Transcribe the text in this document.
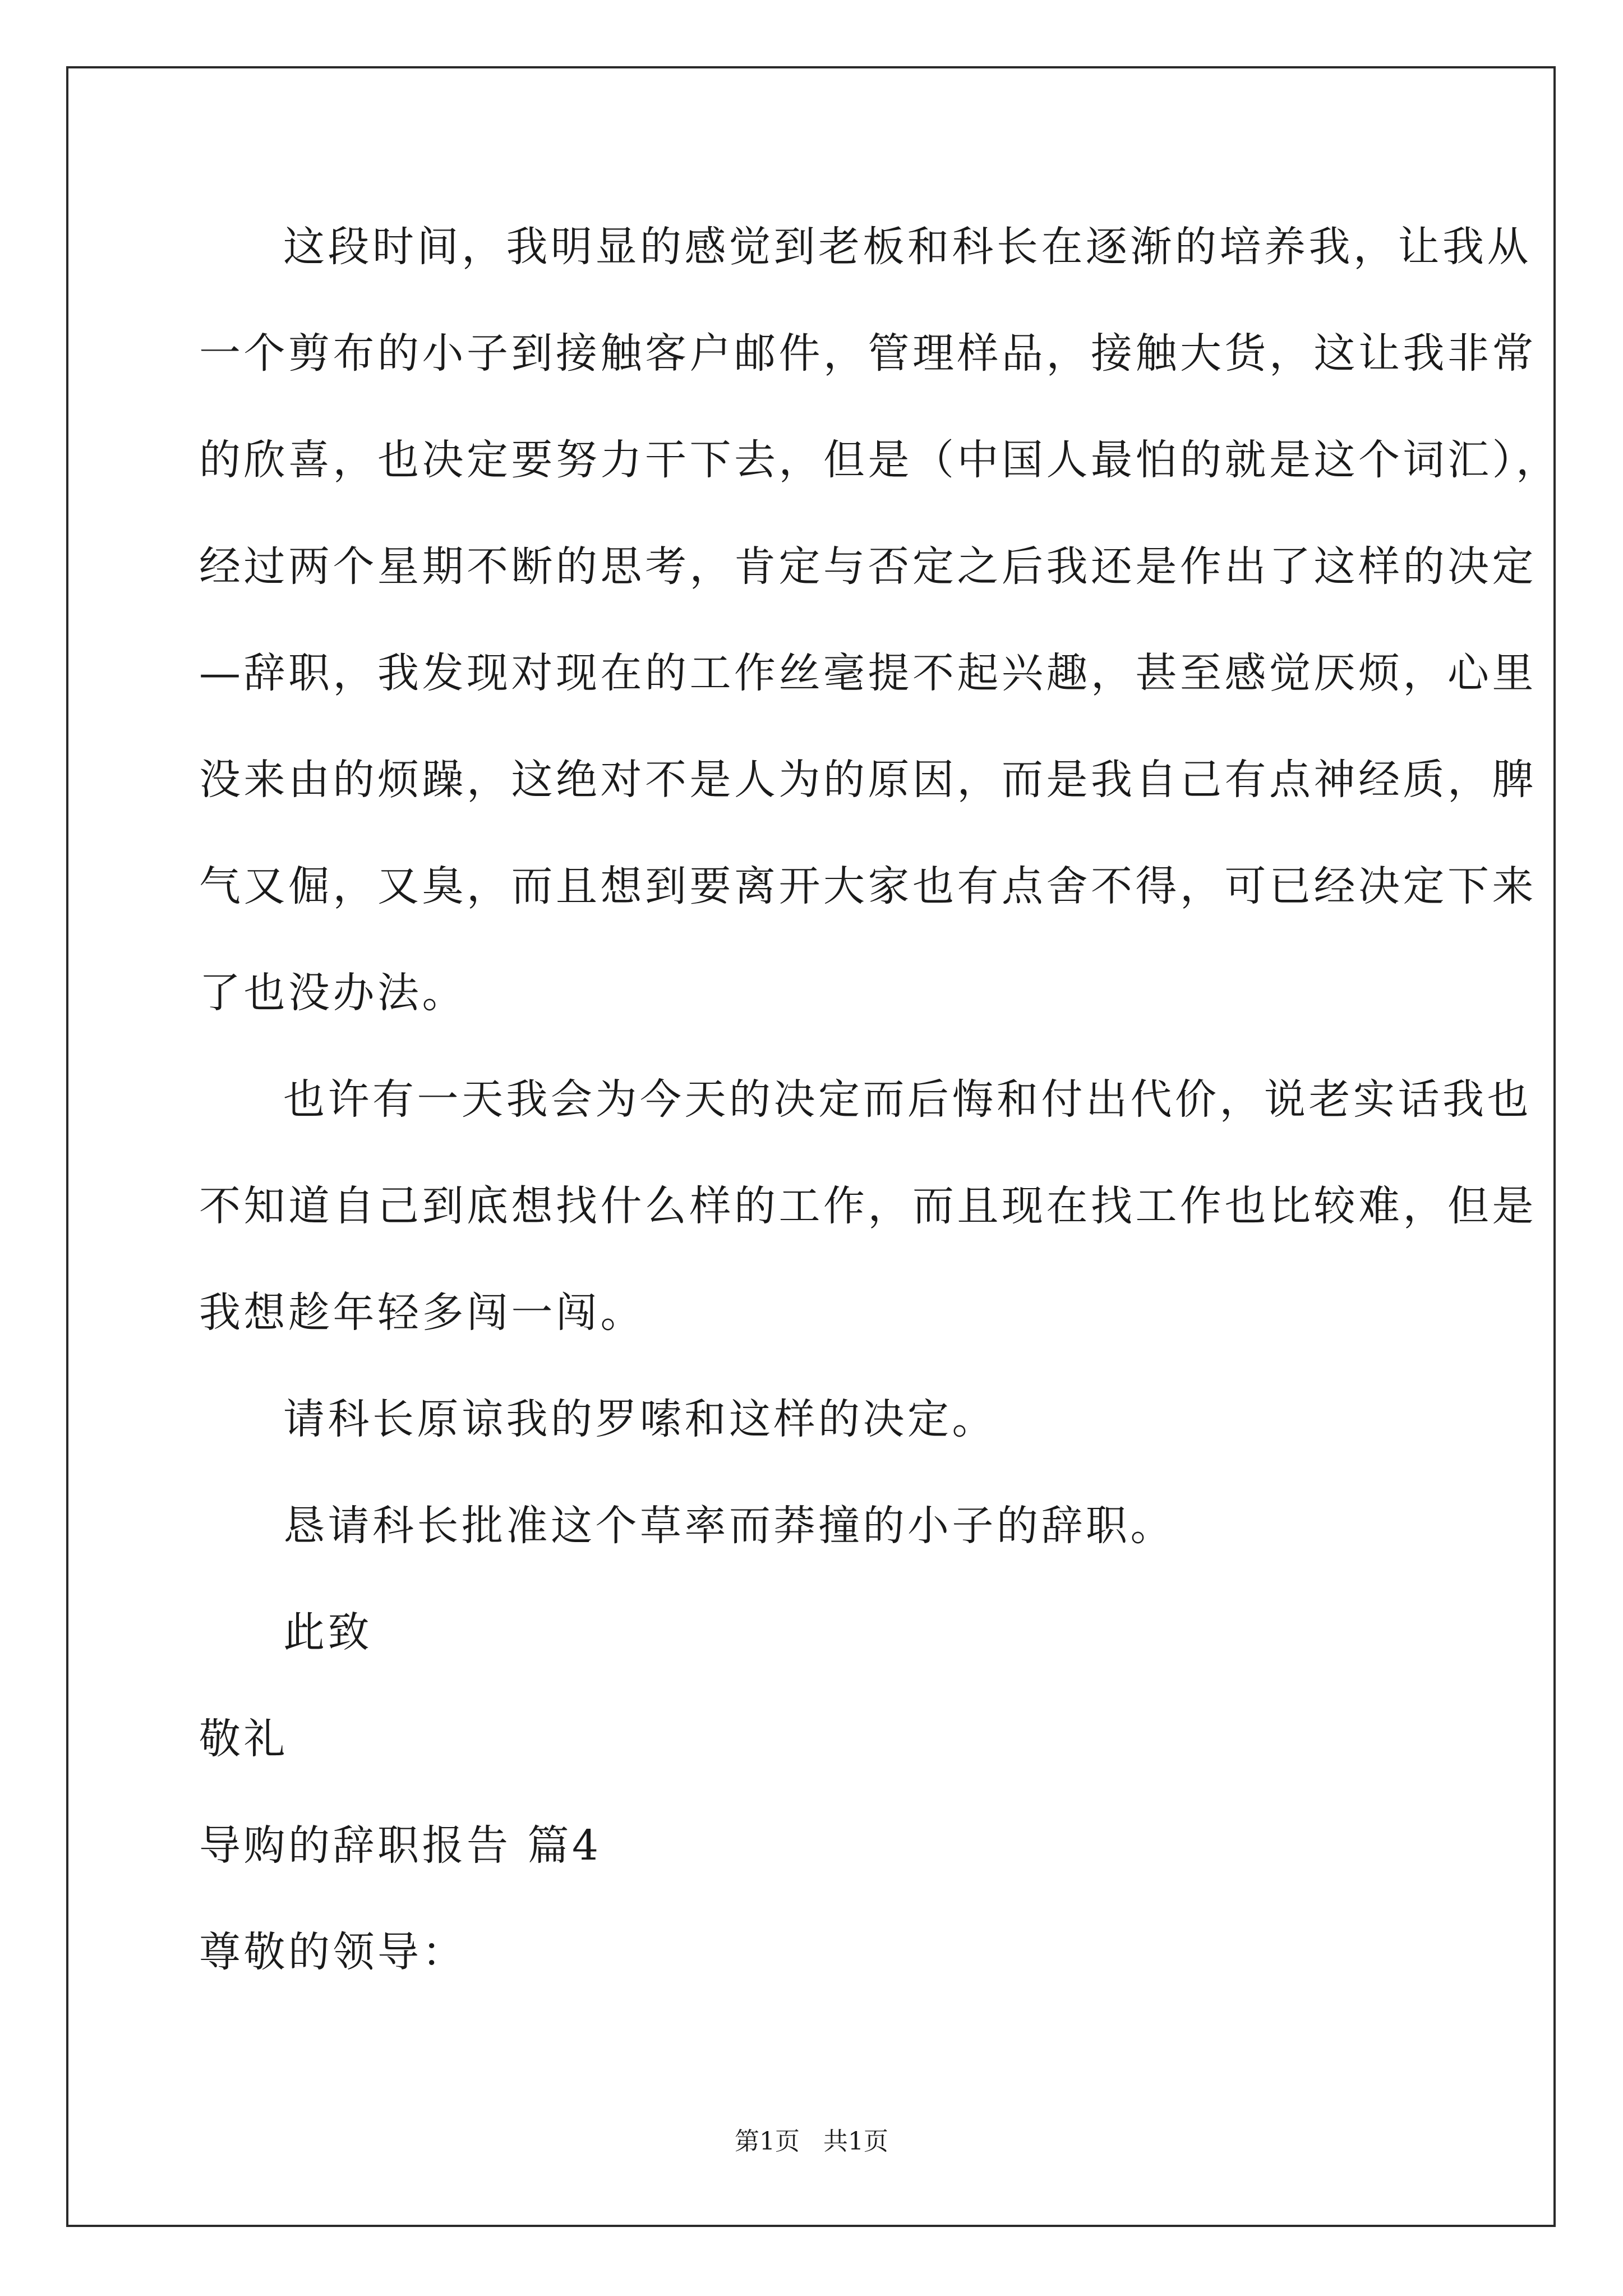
这段时间，我明显的感觉到老板和科长在逐渐的培养我，让我从
一个剪布的小子到接触客户邮件，管理样品，接触大货，这让我非常
的欣喜，也决定要努力干下去，但是（中国人最怕的就是这个词汇），
经过两个星期不断的思考，肯定与否定之后我还是作出了这样的决定
—辞职，我发现对现在的工作丝毫提不起兴趣，甚至感觉厌烦，心里
没来由的烦躁，这绝对不是人为的原因，而是我自己有点神经质，脾
气又倔，又臭，而且想到要离开大家也有点舍不得，可已经决定下来
了也没办法。
也许有一天我会为今天的决定而后悔和付出代价，说老实话我也
不知道自己到底想找什么样的工作，而且现在找工作也比较难，但是
我想趁年轻多闯一闯。
请科长原谅我的罗嗦和这样的决定。
恳请科长批准这个草率而莽撞的小子的辞职。
此致
敬礼
导购的辞职报告 篇4
尊敬的领导：
第1页 共1页
